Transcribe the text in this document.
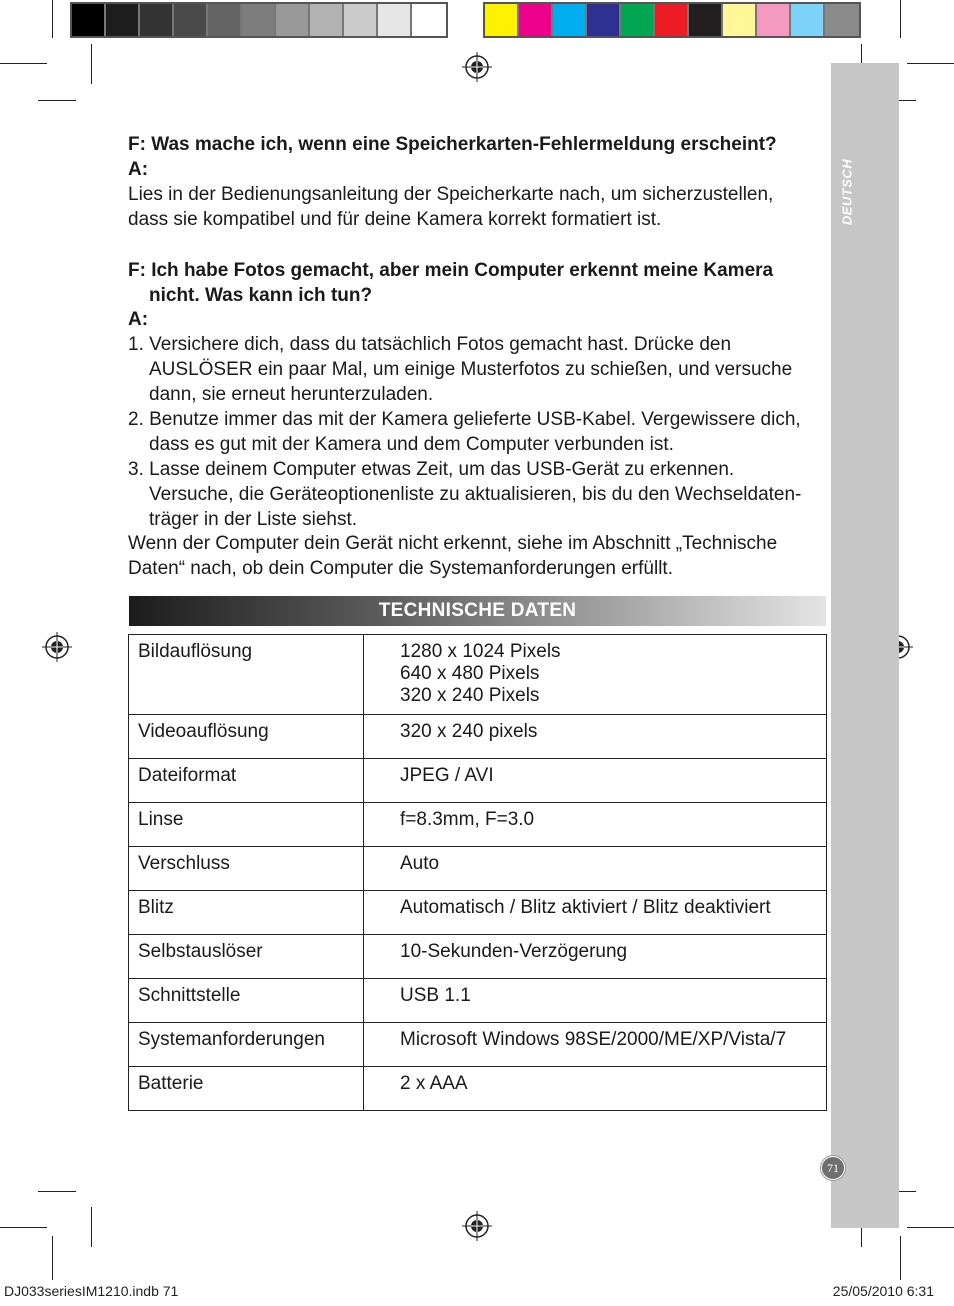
DEUTSCH
F: Was mache ich, wenn eine Speicherkarten-Fehlermeldung erscheint?
A:
Lies in der Bedienungsanleitung der Speicherkarte nach, um sicherzustellen,
dass sie kompatibel und für deine Kamera korrekt formatiert ist.
F: Ich habe Fotos gemacht, aber mein Computer erkennt meine Kamera
nicht. Was kann ich tun?
A:
1. Versichere dich, dass du tatsächlich Fotos gemacht hast. Drücke den
AUSLÖSER ein paar Mal, um einige Musterfotos zu schießen, und versuche
dann, sie erneut herunterzuladen.
2. Benutze immer das mit der Kamera gelieferte USB-Kabel. Vergewissere dich,
dass es gut mit der Kamera und dem Computer verbunden ist.
3. Lasse deinem Computer etwas Zeit, um das USB-Gerät zu erkennen.
Versuche, die Geräteoptionenliste zu aktualisieren, bis du den Wechseldaten-
träger in der Liste siehst.
Wenn der Computer dein Gerät nicht erkennt, siehe im Abschnitt „Technische
Daten“ nach, ob dein Computer die Systemanforderungen erfüllt.
TECHNISCHE DATEN
Bildauflösung	1280 x 1024 Pixels
640 x 480 Pixels
320 x 240 Pixels

Videoauflösung	320 x 240 pixels

Dateiformat	JPEG / AVI

Linse	f=8.3mm, F=3.0

Verschluss	Auto

Blitz	Automatisch / Blitz aktiviert / Blitz deaktiviert

Selbstauslöser	10-Sekunden-Verzögerung

Schnittstelle	USB 1.1

Systemanforderungen	Microsoft Windows 98SE/2000/ME/XP/Vista/7

Batterie	2 x AAA
71
DJ033seriesIM1210.indb 71	25/05/2010 6:31
